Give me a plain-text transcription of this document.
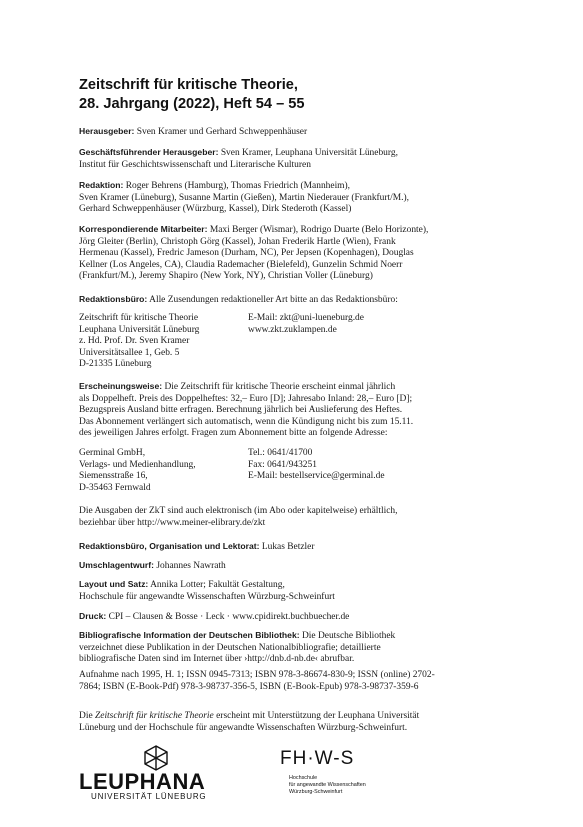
Zeitschrift für kritische Theorie,
28. Jahrgang (2022), Heft 54 – 55
Herausgeber: Sven Kramer und Gerhard Schweppenhäuser
Geschäftsführender Herausgeber: Sven Kramer, Leuphana Universität Lüneburg,
Institut für Geschichtswissenschaft und Literarische Kulturen
Redaktion: Roger Behrens (Hamburg), Thomas Friedrich (Mannheim),
Sven Kramer (Lüneburg), Susanne Martin (Gießen), Martin Niederauer (Frankfurt/M.),
Gerhard Schweppenhäuser (Würzburg, Kassel), Dirk Stederoth (Kassel)
Korrespondierende Mitarbeiter: Maxi Berger (Wismar), Rodrigo Duarte (Belo Horizonte),
Jörg Gleiter (Berlin), Christoph Görg (Kassel), Johan Frederik Hartle (Wien), Frank
Hermenau (Kassel), Fredric Jameson (Durham, NC), Per Jepsen (Kopenhagen), Douglas
Kellner (Los Angeles, CA), Claudia Rademacher (Bielefeld), Gunzelin Schmid Noerr
(Frankfurt/M.), Jeremy Shapiro (New York, NY), Christian Voller (Lüneburg)
Redaktionsbüro: Alle Zusendungen redaktioneller Art bitte an das Redaktionsbüro:
Zeitschrift für kritische Theorie
Leuphana Universität Lüneburg
z. Hd. Prof. Dr. Sven Kramer
Universitätsallee 1, Geb. 5
D-21335 Lüneburg
E-Mail: zkt@uni-lueneburg.de
www.zkt.zuklampen.de
Erscheinungsweise: Die Zeitschrift für kritische Theorie erscheint einmal jährlich
als Doppelheft. Preis des Doppelheftes: 32,– Euro [D]; Jahresabo Inland: 28,– Euro [D];
Bezugspreis Ausland bitte erfragen. Berechnung jährlich bei Auslieferung des Heftes.
Das Abonnement verlängert sich automatisch, wenn die Kündigung nicht bis zum 15.11.
des jeweiligen Jahres erfolgt. Fragen zum Abonnement bitte an folgende Adresse:
Germinal GmbH,
Verlags- und Medienhandlung,
Siemensstraße 16,
D-35463 Fernwald
Tel.: 0641/41700
Fax: 0641/943251
E-Mail: bestellservice@germinal.de
Die Ausgaben der ZkT sind auch elektronisch (im Abo oder kapitelweise) erhältlich,
beziehbar über http://www.meiner-elibrary.de/zkt
Redaktionsbüro, Organisation und Lektorat: Lukas Betzler
Umschlagentwurf: Johannes Nawrath
Layout und Satz: Annika Lotter; Fakultät Gestaltung,
Hochschule für angewandte Wissenschaften Würzburg-Schweinfurt
Druck: CPI – Clausen & Bosse · Leck · www.cpidirekt.buchbuecher.de
Bibliografische Information der Deutschen Bibliothek: Die Deutsche Bibliothek
verzeichnet diese Publikation in der Deutschen Nationalbibliografie; detaillierte
bibliografische Daten sind im Internet über ›http://dnb.d-nb.de‹ abrufbar.
Aufnahme nach 1995, H. 1; ISSN 0945-7313; ISBN 978-3-86674-830-9; ISSN (online) 2702-
7864; ISBN (E-Book-Pdf) 978-3-98737-356-5, ISBN (E-Book-Epub) 978-3-98737-359-6
Die Zeitschrift für kritische Theorie erscheint mit Unterstützung der Leuphana Universität
Lüneburg und der Hochschule für angewandte Wissenschaften Würzburg-Schweinfurt.
LEUPHANA
UNIVERSITÄT LÜNEBURG
FH·W-S
Hochschule
für angewandte Wissenschaften
Würzburg-Schweinfurt
